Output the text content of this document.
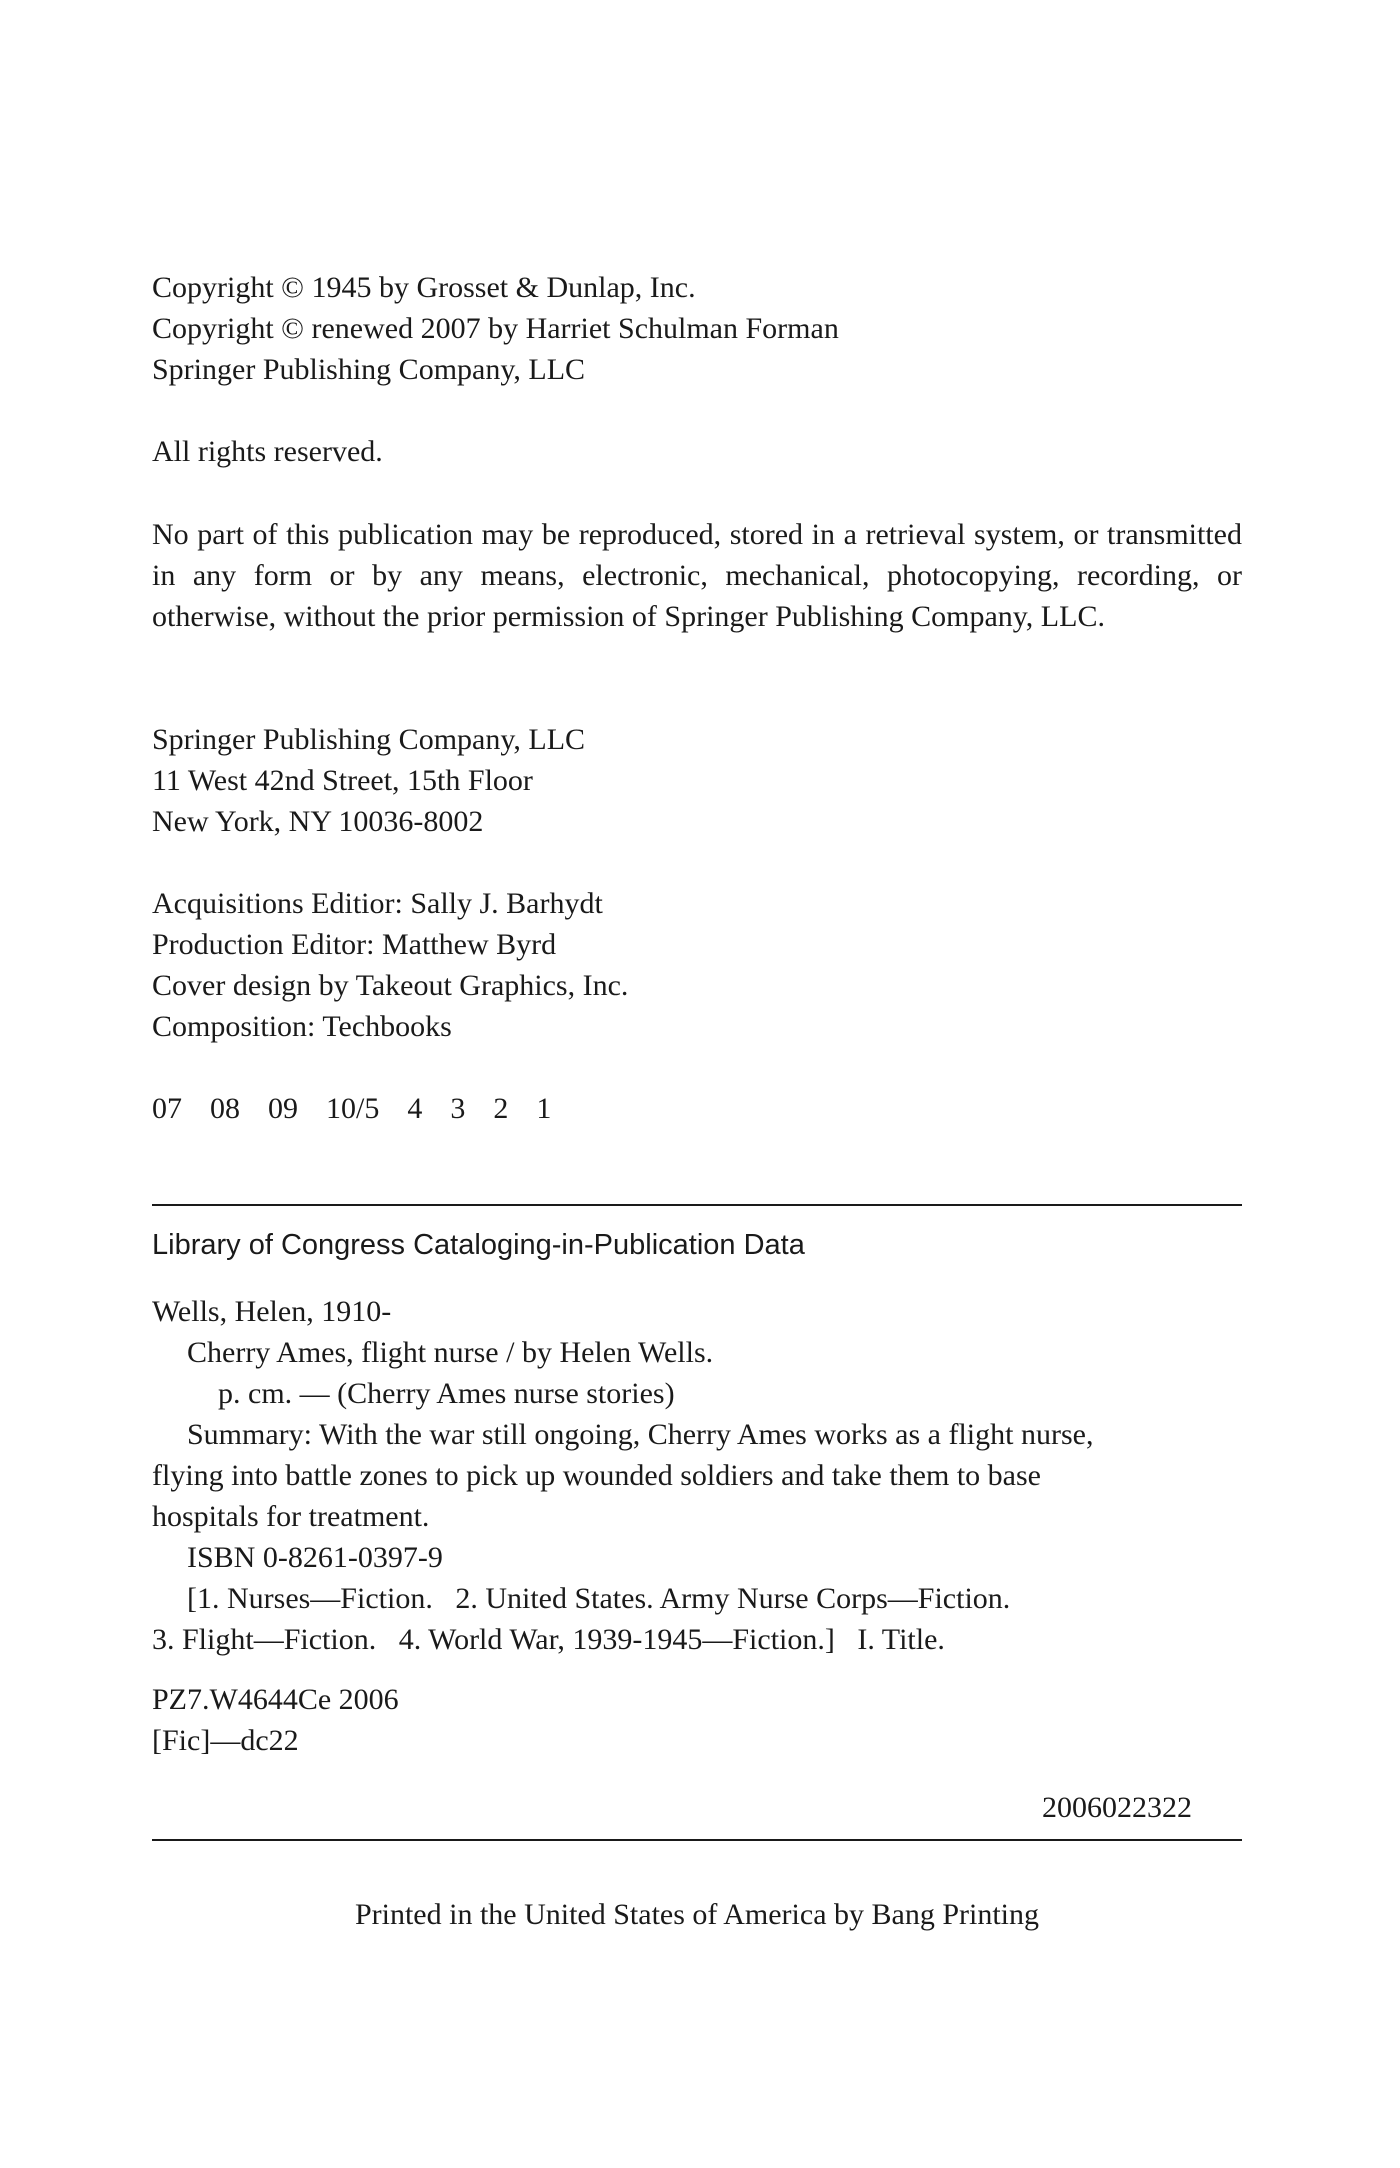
Copyright © 1945 by Grosset & Dunlap, Inc.
Copyright © renewed 2007 by Harriet Schulman Forman
Springer Publishing Company, LLC
All rights reserved.
No part of this publication may be reproduced, stored in a retrieval system, or transmitted in any form or by any means, electronic, mechanical, photocopying, recording, or otherwise, without the prior permission of Springer Publishing Company, LLC.
Springer Publishing Company, LLC
11 West 42nd Street, 15th Floor
New York, NY 10036-8002
Acquisitions Editior: Sally J. Barhydt
Production Editor: Matthew Byrd
Cover design by Takeout Graphics, Inc.
Composition: Techbooks
07 08 09 10/5 4 3 2 1
Library of Congress Cataloging-in-Publication Data
Wells, Helen, 1910-
Cherry Ames, flight nurse / by Helen Wells.
p. cm. — (Cherry Ames nurse stories)
Summary: With the war still ongoing, Cherry Ames works as a flight nurse,
flying into battle zones to pick up wounded soldiers and take them to base
hospitals for treatment.
ISBN 0-8261-0397-9
[1. Nurses—Fiction.   2. United States. Army Nurse Corps—Fiction.
3. Flight—Fiction.   4. World War, 1939-1945—Fiction.]   I. Title.
PZ7.W4644Ce 2006
[Fic]—dc22
2006022322
Printed in the United States of America by Bang Printing
